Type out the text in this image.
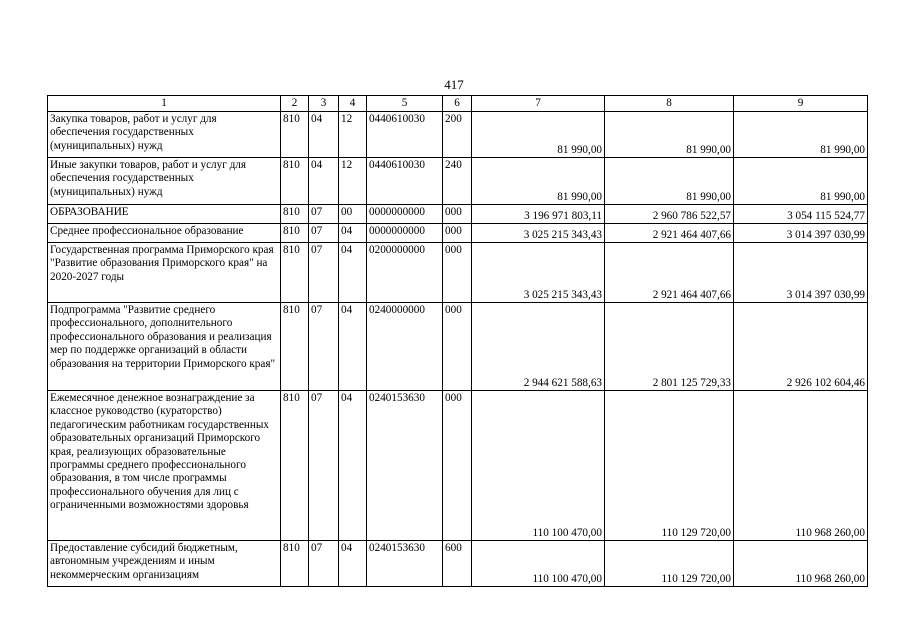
417
1	2	3	4	5	6	7	8	9
Закупка товаров, работ и услуг для обеспечения государственных (муниципальных) нужд	810	04	12	0440610030	200	81 990,00	81 990,00	81 990,00
Иные закупки товаров, работ и услуг для обеспечения государственных (муниципальных) нужд	810	04	12	0440610030	240	81 990,00	81 990,00	81 990,00
ОБРАЗОВАНИЕ	810	07	00	0000000000	000	3 196 971 803,11	2 960 786 522,57	3 054 115 524,77
Среднее профессиональное образование	810	07	04	0000000000	000	3 025 215 343,43	2 921 464 407,66	3 014 397 030,99
Государственная программа Приморского края "Развитие образования Приморского края" на 2020-2027 годы	810	07	04	0200000000	000	3 025 215 343,43	2 921 464 407,66	3 014 397 030,99
Подпрограмма "Развитие среднего профессионального, дополнительного профессионального образования и реализация мер по поддержке организаций в области образования на территории Приморского края"	810	07	04	0240000000	000	2 944 621 588,63	2 801 125 729,33	2 926 102 604,46
Ежемесячное денежное вознаграждение за классное руководство (кураторство) педагогическим работникам государственных образовательных организаций Приморского края, реализующих образовательные программы среднего профессионального образования, в том числе программы профессионального обучения для лиц с ограниченными возможностями здоровья	810	07	04	0240153630	000	110 100 470,00	110 129 720,00	110 968 260,00
Предоставление субсидий бюджетным, автономным учреждениям и иным некоммерческим организациям	810	07	04	0240153630	600	110 100 470,00	110 129 720,00	110 968 260,00
